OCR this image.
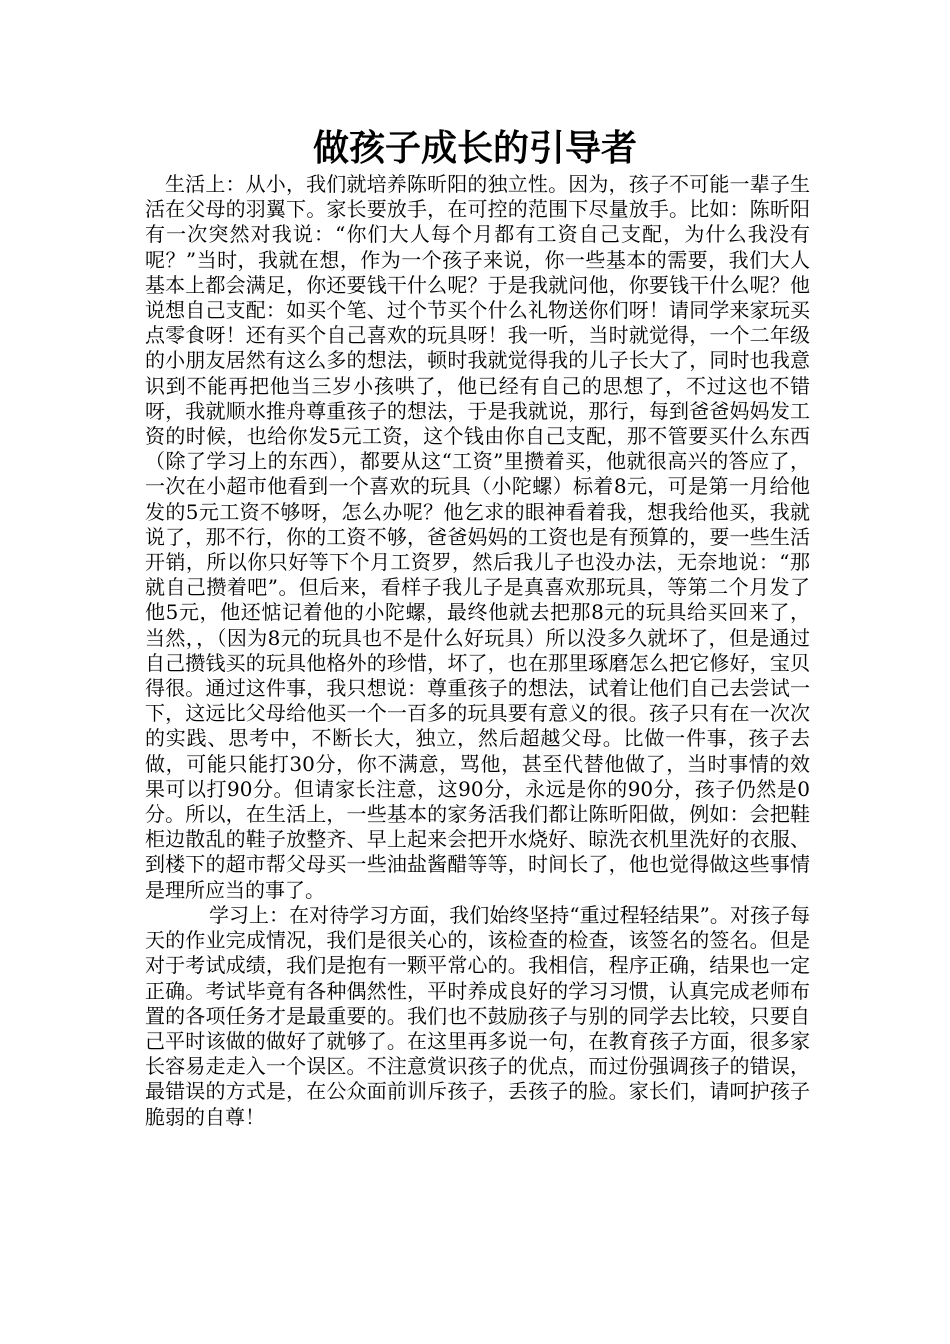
做孩子成长的引导者

生活上：从小，我们就培养陈昕阳的独立性。因为，孩子不可能一辈子生活在父母的羽翼下。家长要放手，在可控的范围下尽量放手。比如：陈昕阳有一次突然对我说：“你们大人每个月都有工资自己支配，为什么我没有呢？”当时，我就在想，作为一个孩子来说，你一些基本的需要，我们大人基本上都会满足，你还要钱干什么呢？于是我就问他，你要钱干什么呢？他说想自己支配：如买个笔、过个节买个什么礼物送你们呀！请同学来家玩买点零食呀！还有买个自己喜欢的玩具呀！我一听，当时就觉得，一个二年级的小朋友居然有这么多的想法，顿时我就觉得我的儿子长大了，同时也我意识到不能再把他当三岁小孩哄了，他已经有自己的思想了，不过这也不错呀，我就顺水推舟尊重孩子的想法，于是我就说，那行，每到爸爸妈妈发工资的时候，也给你发5元工资，这个钱由你自己支配，那不管要买什么东西（除了学习上的东西），都要从这“工资”里攒着买，他就很高兴的答应了，一次在小超市他看到一个喜欢的玩具（小陀螺）标着8元，可是第一月给他发的5元工资不够呀，怎么办呢？他乞求的眼神看着我，想我给他买，我就说了，那不行，你的工资不够，爸爸妈妈的工资也是有预算的，要一些生活开销，所以你只好等下个月工资罗，然后我儿子也没办法，无奈地说：“那就自己攒着吧”。但后来，看样子我儿子是真喜欢那玩具，等第二个月发了他5元，他还惦记着他的小陀螺，最终他就去把那8元的玩具给买回来了，当然，，（因为8元的玩具也不是什么好玩具）所以没多久就坏了，但是通过自己攒钱买的玩具他格外的珍惜，坏了，也在那里琢磨怎么把它修好，宝贝得很。通过这件事，我只想说：尊重孩子的想法，试着让他们自己去尝试一下，这远比父母给他买一个一百多的玩具要有意义的很。孩子只有在一次次的实践、思考中，不断长大，独立，然后超越父母。比做一件事，孩子去做，可能只能打30分，你不满意，骂他，甚至代替他做了，当时事情的效果可以打90分。但请家长注意，这90分，永远是你的90分，孩子仍然是0分。所以，在生活上，一些基本的家务活我们都让陈昕阳做，例如：会把鞋柜边散乱的鞋子放整齐、早上起来会把开水烧好、晾洗衣机里洗好的衣服、到楼下的超市帮父母买一些油盐酱醋等等，时间长了，他也觉得做这些事情是理所应当的事了。

学习上：在对待学习方面，我们始终坚持“重过程轻结果”。对孩子每天的作业完成情况，我们是很关心的，该检查的检查，该签名的签名。但是对于考试成绩，我们是抱有一颗平常心的。我相信，程序正确，结果也一定正确。考试毕竟有各种偶然性，平时养成良好的学习习惯，认真完成老师布置的各项任务才是最重要的。我们也不鼓励孩子与别的同学去比较，只要自己平时该做的做好了就够了。在这里再多说一句，在教育孩子方面，很多家长容易走走入一个误区。不注意赏识孩子的优点，而过份强调孩子的错误，最错误的方式是，在公众面前训斥孩子，丢孩子的脸。家长们，请呵护孩子脆弱的自尊！
